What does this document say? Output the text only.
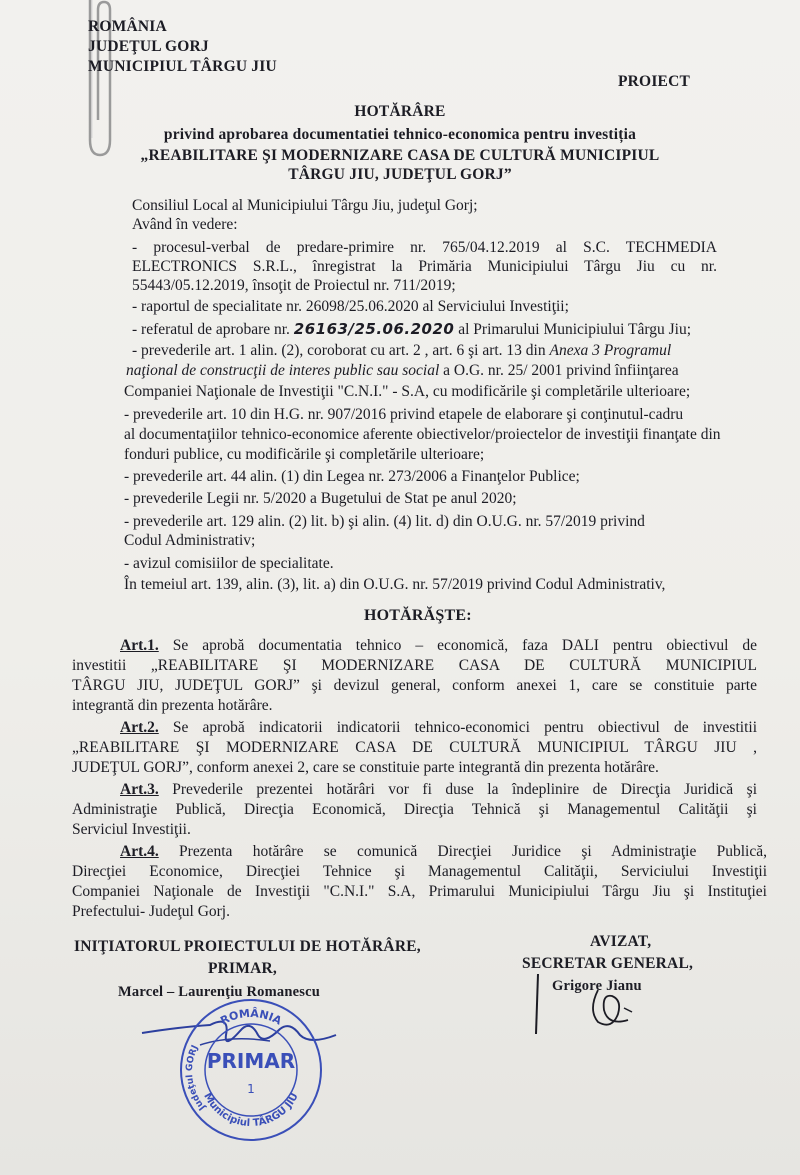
ROMÂNIA
JUDEŢUL GORJ
MUNICIPIUL TÂRGU JIU
PROIECT
HOTĂRÂRE
privind aprobarea documentatiei tehnico-economica pentru investiția
„REABILITARE ŞI MODERNIZARE CASA DE CULTURĂ MUNICIPIUL
TÂRGU JIU, JUDEŢUL GORJ”
Consiliul Local al Municipiului Târgu Jiu, judeţul Gorj;
Având în vedere:
- procesul-verbal de predare-primire nr. 765/04.12.2019 al S.C. TECHMEDIA
ELECTRONICS S.R.L., înregistrat la Primăria Municipiului Târgu Jiu cu nr.
55443/05.12.2019, însoţit de Proiectul nr. 711/2019;
- raportul de specialitate nr. 26098/25.06.2020 al Serviciului Investiţii;
- referatul de aprobare nr. 26163/25.06.2020 al Primarului Municipiului Târgu Jiu;
- prevederile art. 1 alin. (2), coroborat cu art. 2 , art. 6 şi art. 13 din Anexa 3 Programul
naţional de construcţii de interes public sau social a O.G. nr. 25/ 2001 privind înfiinţarea
Companiei Naţionale de Investiţii "C.N.I." - S.A, cu modificările şi completările ulterioare;
- prevederile art. 10 din H.G. nr. 907/2016 privind etapele de elaborare şi conţinutul-cadru
al documentaţiilor tehnico-economice aferente obiectivelor/proiectelor de investiţii finanţate din
fonduri publice, cu modificările şi completările ulterioare;
- prevederile art. 44 alin. (1) din Legea nr. 273/2006 a Finanţelor Publice;
- prevederile Legii nr. 5/2020 a Bugetului de Stat pe anul 2020;
- prevederile art. 129 alin. (2) lit. b) şi alin. (4) lit. d) din O.U.G. nr. 57/2019 privind
Codul Administrativ;
- avizul comisiilor de specialitate.
În temeiul art. 139, alin. (3), lit. a) din O.U.G. nr. 57/2019 privind Codul Administrativ,
HOTĂRĂŞTE:
Art.1. Se aprobă documentatia tehnico – economică, faza DALI pentru obiectivul de
investitii „REABILITARE ŞI MODERNIZARE CASA DE CULTURĂ MUNICIPIUL
TÂRGU JIU, JUDEŢUL GORJ” şi devizul general, conform anexei 1, care se constituie parte
integrantă din prezenta hotărâre.
Art.2. Se aprobă indicatorii indicatorii tehnico-economici pentru obiectivul de investitii
„REABILITARE ŞI MODERNIZARE CASA DE CULTURĂ MUNICIPIUL TÂRGU JIU ,
JUDEŢUL GORJ”, conform anexei 2, care se constituie parte integrantă din prezenta hotărâre.
Art.3. Prevederile prezentei hotărâri vor fi duse la îndeplinire de Direcţia Juridică şi
Administraţie Publică, Direcţia Economică, Direcţia Tehnică şi Managementul Calităţii şi
Serviciul Investiţii.
Art.4. Prezenta hotărâre se comunică Direcţiei Juridice şi Administraţie Publică,
Direcţiei Economice, Direcţiei Tehnice şi Managementul Calităţii, Serviciului Investiţii
Companiei Naţionale de Investiţii "C.N.I." S.A, Primarului Municipiului Târgu Jiu şi Instituţiei
Prefectului- Judeţul Gorj.
INIŢIATORUL PROIECTULUI DE HOTĂRÂRE,
PRIMAR,
Marcel – Laurenţiu Romanescu
AVIZAT,
SECRETAR GENERAL,
Grigore Jianu
ROMÂNIA
Municipiul TÂRGU JIU
Judeţul GORJ
PRIMAR
1
